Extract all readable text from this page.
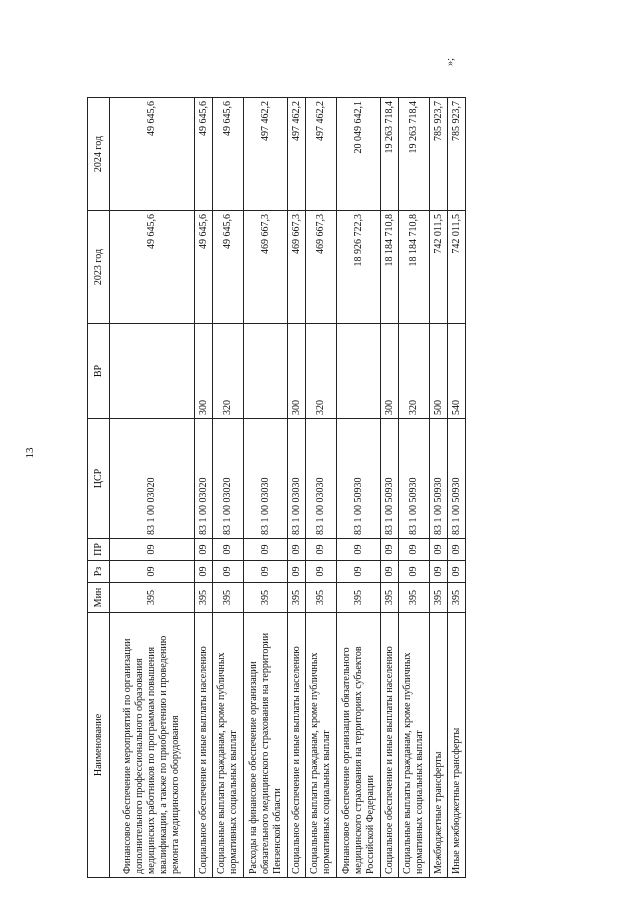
13
»;
Наименование	Мин	Рз	ПР	ЦСР	ВР	2023 год	2024 год
Финансовое обеспечение мероприятий по организации дополнительного профессионального образования медицинских работников по программам повышения квалификации, а также по приобретению и проведению ремонта медицинского оборудования	395	09	09	83 1 00 03020		49 645,6	49 645,6
Социальное обеспечение и иные выплаты населению	395	09	09	83 1 00 03020	300	49 645,6	49 645,6
Социальные выплаты гражданам, кроме публичных нормативных социальных выплат	395	09	09	83 1 00 03020	320	49 645,6	49 645,6
Расходы на финансовое обеспечение организации обязательного медицинского страхования на территории Пензенской области	395	09	09	83 1 00 03030		469 667,3	497 462,2
Социальное обеспечение и иные выплаты населению	395	09	09	83 1 00 03030	300	469 667,3	497 462,2
Социальные выплаты гражданам, кроме публичных нормативных социальных выплат	395	09	09	83 1 00 03030	320	469 667,3	497 462,2
Финансовое обеспечение организации обязательного медицинского страхования на территориях субъектов Российской Федерации	395	09	09	83 1 00 50930		18 926 722,3	20 049 642,1
Социальное обеспечение и иные выплаты населению	395	09	09	83 1 00 50930	300	18 184 710,8	19 263 718,4
Социальные выплаты гражданам, кроме публичных нормативных социальных выплат	395	09	09	83 1 00 50930	320	18 184 710,8	19 263 718,4
Межбюджетные трансферты	395	09	09	83 1 00 50930	500	742 011,5	785 923,7
Иные межбюджетные трансферты	395	09	09	83 1 00 50930	540	742 011,5	785 923,7
